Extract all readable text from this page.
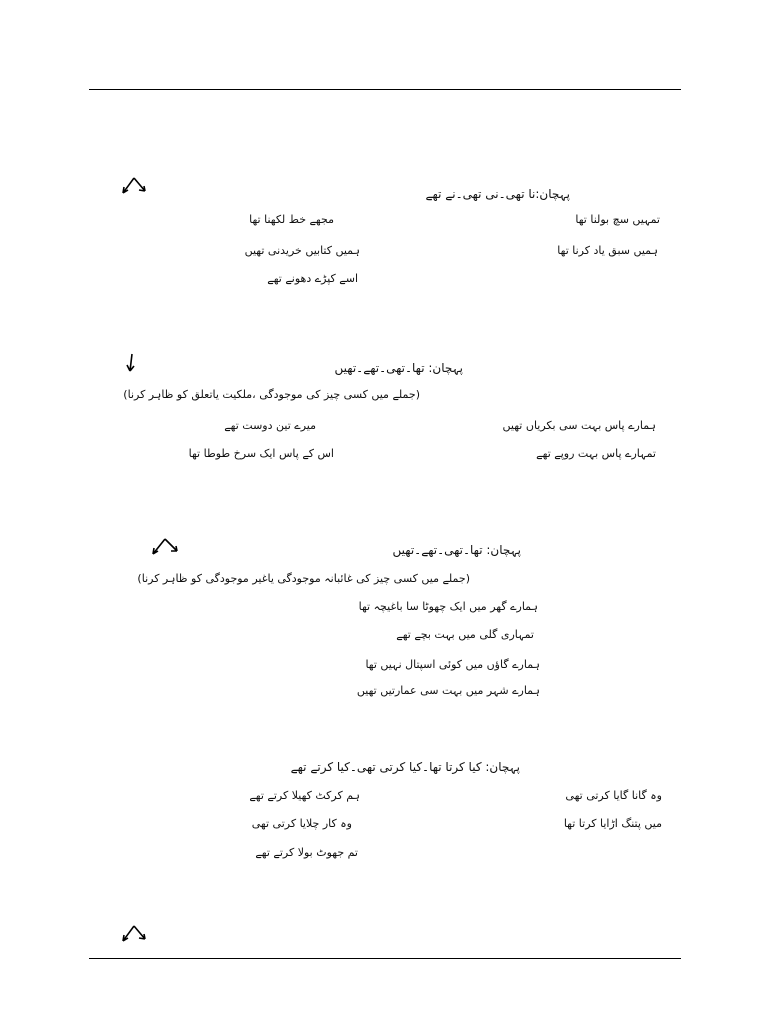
پہچان:نا تھی۔نی تھی۔نے تھے
تمہیں سچ بولنا تھا
مجھے خط لکھنا تھا
ہمیں سبق یاد کرنا تھا
ہمیں کتابیں خریدنی تھیں
اسے کپڑے دھونے تھے
پہچان: تھا۔تھی۔تھے۔تھیں
(جملے میں کسی چیز کی موجودگی ،ملکیت یاتعلق کو ظاہر کرنا)
ہمارے پاس بہت سی بکریاں تھیں
میرے تین دوست تھے
تمہارے پاس بہت روپے تھے
اس کے پاس ایک سرخ طوطا تھا
پہچان: تھا۔تھی۔تھے۔تھیں
(جملے میں کسی چیز کی غائبانہ موجودگی یاغیر موجودگی کو ظاہر کرنا)
ہمارے گھر میں ایک چھوٹا سا باغیچہ تھا
تمہاری گلی میں بہت بچے تھے
ہمارے گاؤں میں کوئی اسپتال نہیں تھا
ہمارے شہر میں بہت سی عمارتیں تھیں
پہچان: کیا کرتا تھا۔کیا کرتی تھی۔کیا کرتے تھے
وہ گانا گایا کرتی تھی
ہم کرکٹ کھیلا کرتے تھے
میں پتنگ اڑایا کرتا تھا
وہ کار چلایا کرتی تھی
تم جھوٹ بولا کرتے تھے
